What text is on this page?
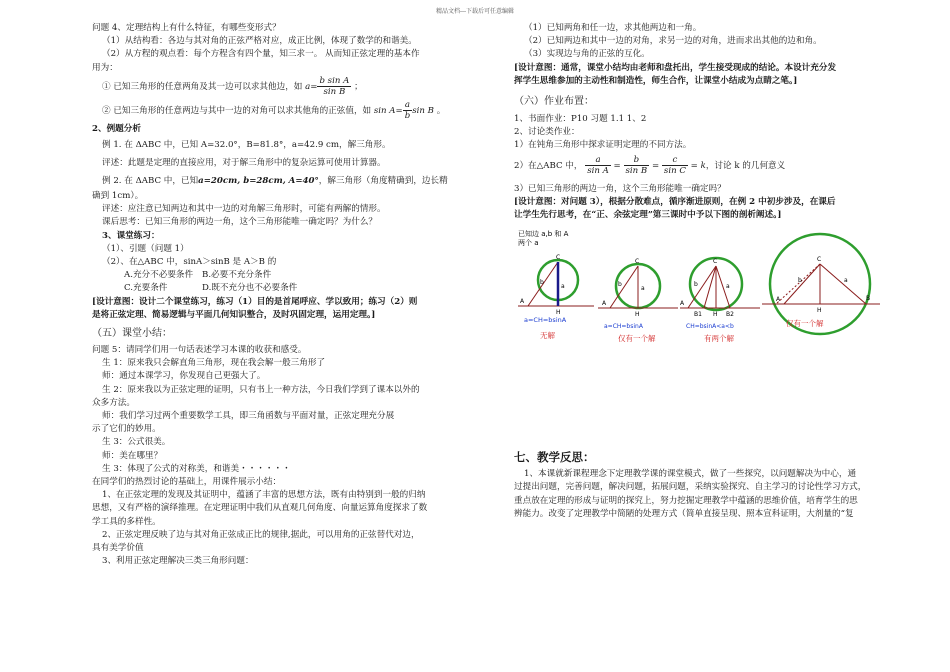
精品文档---下载后可任意编辑
问题 4、定理结构上有什么特征，有哪些变形式？
（1）从结构看：各边与其对角的正弦严格对应，成正比例，体现了数学的和谐美。
（2）从方程的观点看：每个方程含有四个量，知三求一。 从而知正弦定理的基本作
用为：
① 已知三角形的任意两角及其一边可以求其他边，如 $a= \frac{\text{b sin A}}{\text{sin B}}$ ；
② 已知三角形的任意两边与其中一边的对角可以求其他角的正弦值，如 $\sin A= \frac{a}{b}$ sin B 。
2、例题分析
例 1. 在 ΔABC 中，已知 A=32.0°，B=81.8°，a=42.9 cm，解三角形。
评述：此题是定理的直接应用，对于解三角形中的复杂运算可使用计算器。
例 2. 在 ΔABC 中，已知a=20cm, b=28cm, A=40°，解三角形（角度精确到，边长精
确到 1cm）。
评述：应注意已知两边和其中一边的对角解三角形时，可能有两解的情形。
课后思考：已知三角形的两边一角，这个三角形能唯一确定吗？为什么？
3、课堂练习：
（1）、引题（问题 1）
（2）、在△ABC 中，sinA＞sinB 是 A＞B 的
A.充分不必要条件 B.必要不充分条件
C.充要条件	D.既不充分也不必要条件
[设计意图：设计二个课堂练习，练习（1）目的是首尾呼应、学以致用；练习（2）则
是将正弦定理、简易逻辑与平面几何知识整合，及时巩固定理，运用定理。]
（五）课堂小结：
问题 5：请同学们用一句话表述学习本课的收获和感受。
生 1：原来我只会解直角三角形，现在我会解一般三角形了
师：通过本课学习，你发现自己更强大了。
生 2：原来我以为正弦定理的证明，只有书上一种方法，今日我们学到了课本以外的
众多方法。
师：我们学习过两个重要数学工具，即三角函数与平面对量，正弦定理充分展
示了它们的妙用。
生 3：公式很美。
师：美在哪里？
生 3：体现了公式的对称美，和谐美・・・・・・
在同学们的热烈讨论的基础上，用课件展示小结：
1、在正弦定理的发现及其证明中，蕴涵了丰富的思想方法，既有由特别到一般的归纳
思想，又有严格的演绎推理。在定理证明中我们从直观几何角度、向量运算角度探求了数
学工具的多样性。
2、正弦定理反映了边与其对角正弦成正比的规律,据此，可以用角的正弦替代对边，
具有美学价值
3、利用正弦定理解决三类三角形问题：
（1）已知两角和任一边，求其他两边和一角。
（2）已知两边和其中一边的对角，求另一边的对角，进而求出其他的边和角。
（3）实现边与角的正弦的互化。
[设计意图：通常，课堂小结均由老师和盘托出，学生接受现成的结论。本设计充分发
挥学生思维参加的主动性和制造性，师生合作，让课堂小结成为点睛之笔。]
（六）作业布置：
1、书面作业：P10 习题 1.1 1、2
2、讨论类作业：
1）在钝角三角形中探求证明定理的不同方法。
2）在△ABC 中， $\frac{a}{\text{sin A}} = \frac{b}{\text{sin B}} = \frac{c}{\text{sin C}} = k$，讨论 k 的几何意义
3）已知三角形的两边一角，这个三角形能唯一确定吗？
[设计意图：对问题 3），根据分散难点，循序渐进原则，在例 2 中初步涉及，在课后
让学生先行思考，在“正、余弦定理”第三课时中予以下图的剖析阐述。]
已知边 a,b 和 A
两个 a
A
C
H
b
a
a=CH=bsinA
无解
A
C
H
b
a
a=CH=bsinA
仅有一个解
A
C
B1 H B2
b	a
CH=bsinA<a<b
有两个解
A
C
H
B
b	a
仅有一个解
七、教学反思：
1、本课就新课程理念下定理教学课的课堂模式，做了一些探究，以问题解决为中心，通
过提出问题，完善问题，解决问题，拓展问题，采纳实验探究、自主学习的讨论性学习方式，
重点放在定理的形成与证明的探究上，努力挖掘定理教学中蕴涵的思维价值，培育学生的思
辨能力。改变了定理教学中简陋的处理方式（简单直接呈现、照本宣科证明，大剂量的“复
